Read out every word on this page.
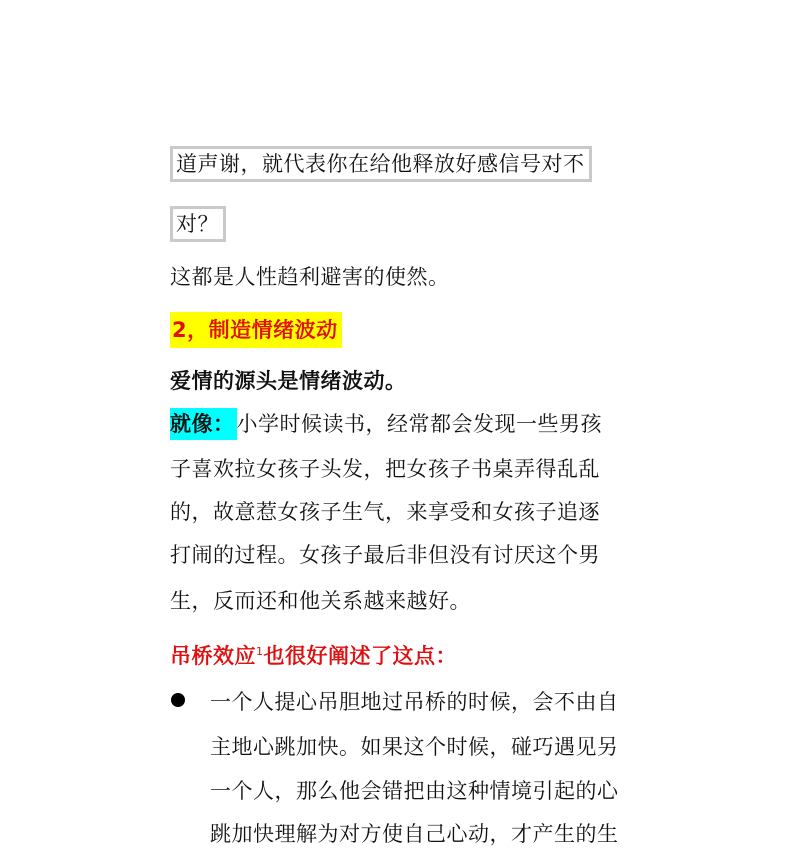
道声谢，就代表你在给他释放好感信号对不
对？
这都是人性趋利避害的使然。
2，制造情绪波动
爱情的源头是情绪波动。
就像：小学时候读书，经常都会发现一些男孩
子喜欢拉女孩子头发，把女孩子书桌弄得乱乱
的，故意惹女孩子生气，来享受和女孩子追逐
打闹的过程。女孩子最后非但没有讨厌这个男
生，反而还和他关系越来越好。
吊桥效应$^1$也很好阐述了这点：
一个人提心吊胆地过吊桥的时候，会不由自
主地心跳加快。如果这个时候，碰巧遇见另
一个人，那么他会错把由这种情境引起的心
跳加快理解为对方使自己心动，才产生的生
